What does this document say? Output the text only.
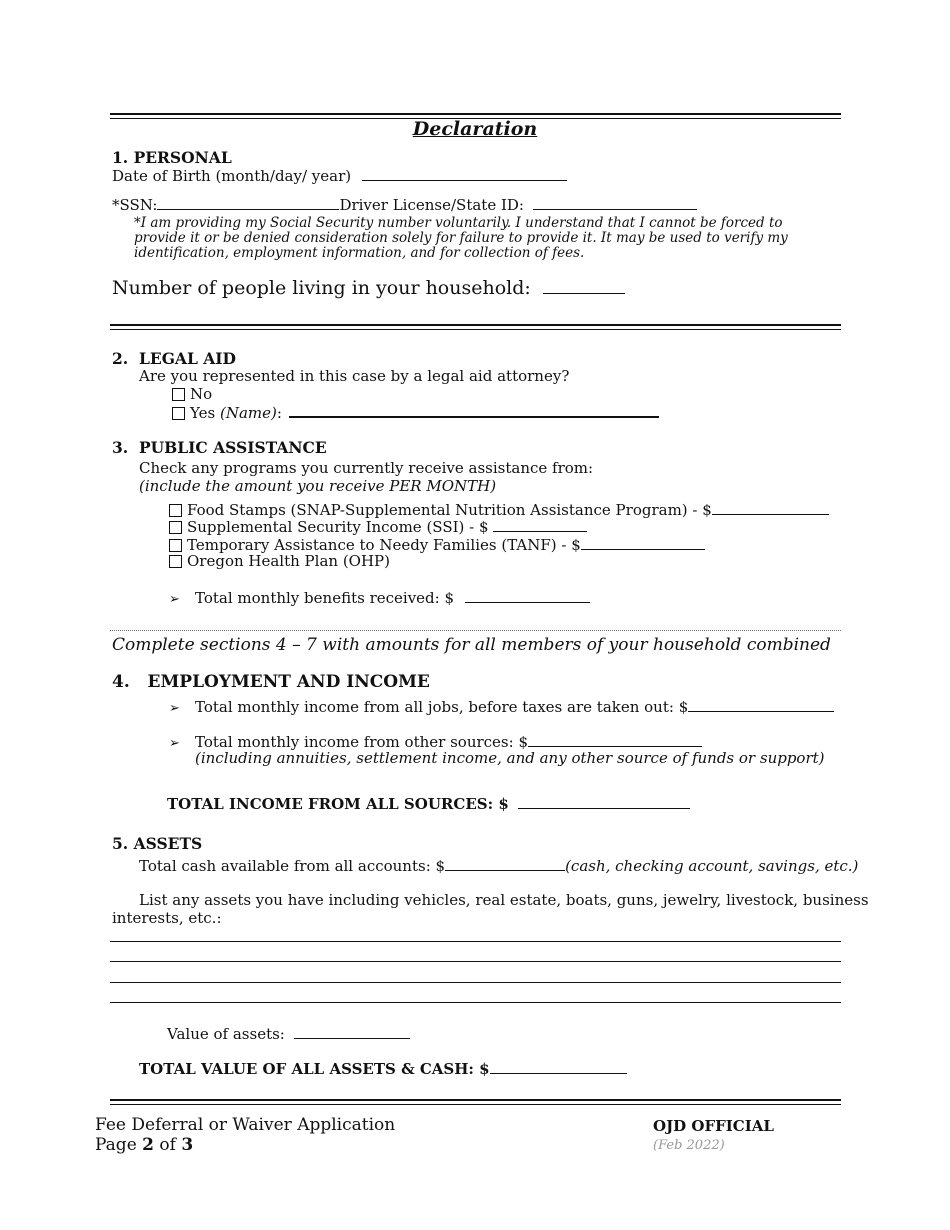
Declaration
1. PERSONAL
Date of Birth (month/day/ year)
*SSN:	Driver License/State ID:
*I am providing my Social Security number voluntarily. I understand that I cannot be forced to provide it or be denied consideration solely for failure to provide it. It may be used to verify my identification, employment information, and for collection of fees.
Number of people living in your household:
2. LEGAL AID
Are you represented in this case by a legal aid attorney?
No
Yes (Name):
3. PUBLIC ASSISTANCE
Check any programs you currently receive assistance from:
(include the amount you receive PER MONTH)
Food Stamps (SNAP-Supplemental Nutrition Assistance Program) - $
Supplemental Security Income (SSI) - $
Temporary Assistance to Needy Families (TANF) - $
Oregon Health Plan (OHP)
➢ Total monthly benefits received: $
Complete sections 4 – 7 with amounts for all members of your household combined
4. EMPLOYMENT AND INCOME
➢ Total monthly income from all jobs, before taxes are taken out: $
➢ Total monthly income from other sources: $
(including annuities, settlement income, and any other source of funds or support)
TOTAL INCOME FROM ALL SOURCES: $
5. ASSETS
Total cash available from all accounts: $	(cash, checking account, savings, etc.)
List any assets you have including vehicles, real estate, boats, guns, jewelry, livestock, business
interests, etc.:
Value of assets:
TOTAL VALUE OF ALL ASSETS & CASH: $
Fee Deferral or Waiver Application
Page 2 of 3
OJD OFFICIAL
(Feb 2022)
